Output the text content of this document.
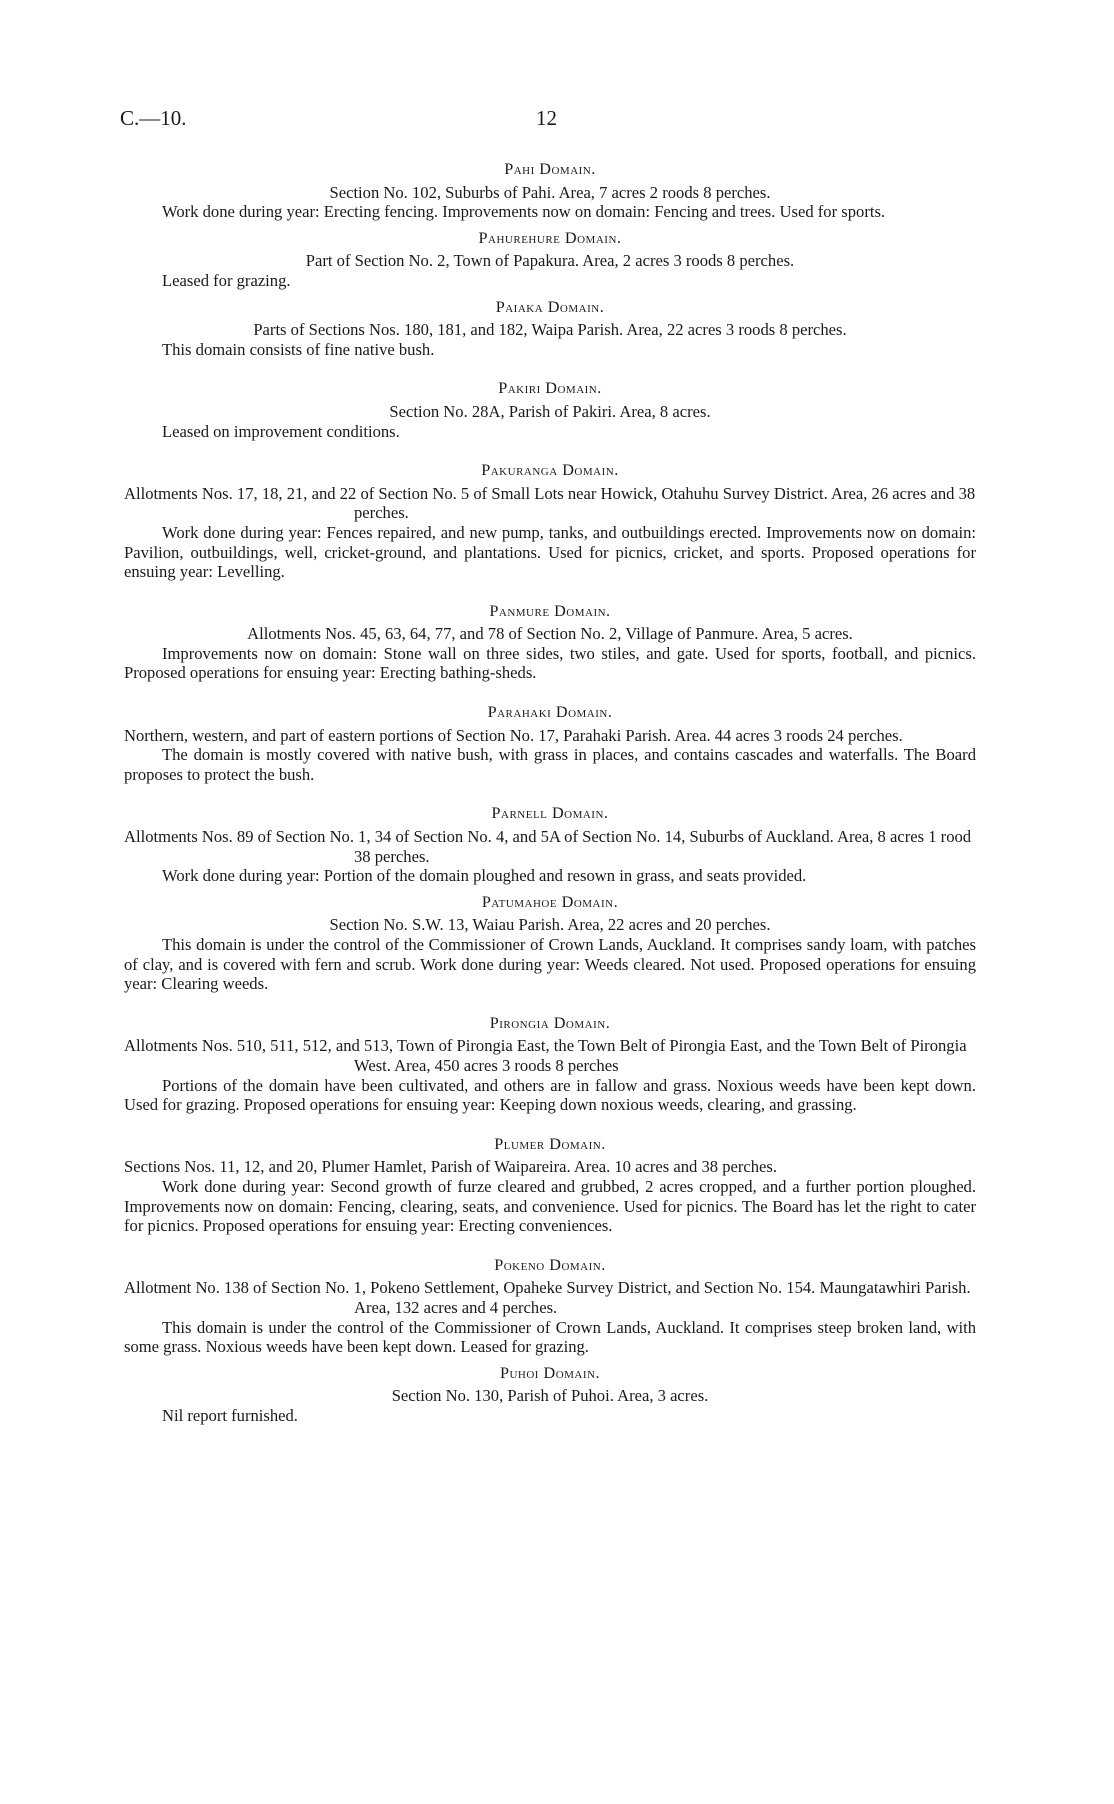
C.—10.	12

Pahi Domain.

Section No. 102, Suburbs of Pahi. Area, 7 acres 2 roods 8 perches.

Work done during year: Erecting fencing. Improvements now on domain: Fencing and trees. Used for sports.

Pahurehure Domain.

Part of Section No. 2, Town of Papakura. Area, 2 acres 3 roods 8 perches.

Leased for grazing.

Paiaka Domain.

Parts of Sections Nos. 180, 181, and 182, Waipa Parish. Area, 22 acres 3 roods 8 perches.

This domain consists of fine native bush.

Pakiri Domain.

Section No. 28A, Parish of Pakiri. Area, 8 acres.

Leased on improvement conditions.

Pakuranga Domain.

Allotments Nos. 17, 18, 21, and 22 of Section No. 5 of Small Lots near Howick, Otahuhu Survey District. Area, 26 acres and 38 perches.

Work done during year: Fences repaired, and new pump, tanks, and outbuildings erected. Improvements now on domain: Pavilion, outbuildings, well, cricket-ground, and plantations. Used for picnics, cricket, and sports. Proposed operations for ensuing year: Levelling.

Panmure Domain.

Allotments Nos. 45, 63, 64, 77, and 78 of Section No. 2, Village of Panmure. Area, 5 acres.

Improvements now on domain: Stone wall on three sides, two stiles, and gate. Used for sports, football, and picnics. Proposed operations for ensuing year: Erecting bathing-sheds.

Parahaki Domain.

Northern, western, and part of eastern portions of Section No. 17, Parahaki Parish. Area. 44 acres 3 roods 24 perches.

The domain is mostly covered with native bush, with grass in places, and contains cascades and waterfalls. The Board proposes to protect the bush.

Parnell Domain.

Allotments Nos. 89 of Section No. 1, 34 of Section No. 4, and 5A of Section No. 14, Suburbs of Auckland. Area, 8 acres 1 rood 38 perches.

Work done during year: Portion of the domain ploughed and resown in grass, and seats provided.

Patumahoe Domain.

Section No. S.W. 13, Waiau Parish. Area, 22 acres and 20 perches.

This domain is under the control of the Commissioner of Crown Lands, Auckland. It comprises sandy loam, with patches of clay, and is covered with fern and scrub. Work done during year: Weeds cleared. Not used. Proposed operations for ensuing year: Clearing weeds.

Pirongia Domain.

Allotments Nos. 510, 511, 512, and 513, Town of Pirongia East, the Town Belt of Pirongia East, and the Town Belt of Pirongia West. Area, 450 acres 3 roods 8 perches

Portions of the domain have been cultivated, and others are in fallow and grass. Noxious weeds have been kept down. Used for grazing. Proposed operations for ensuing year: Keeping down noxious weeds, clearing, and grassing.

Plumer Domain.

Sections Nos. 11, 12, and 20, Plumer Hamlet, Parish of Waipareira. Area. 10 acres and 38 perches.

Work done during year: Second growth of furze cleared and grubbed, 2 acres cropped, and a further portion ploughed. Improvements now on domain: Fencing, clearing, seats, and convenience. Used for picnics. The Board has let the right to cater for picnics. Proposed operations for ensuing year: Erecting conveniences.

Pokeno Domain.

Allotment No. 138 of Section No. 1, Pokeno Settlement, Opaheke Survey District, and Section No. 154. Maungatawhiri Parish. Area, 132 acres and 4 perches.

This domain is under the control of the Commissioner of Crown Lands, Auckland. It comprises steep broken land, with some grass. Noxious weeds have been kept down. Leased for grazing.

Puhoi Domain.

Section No. 130, Parish of Puhoi. Area, 3 acres.

Nil report furnished.
